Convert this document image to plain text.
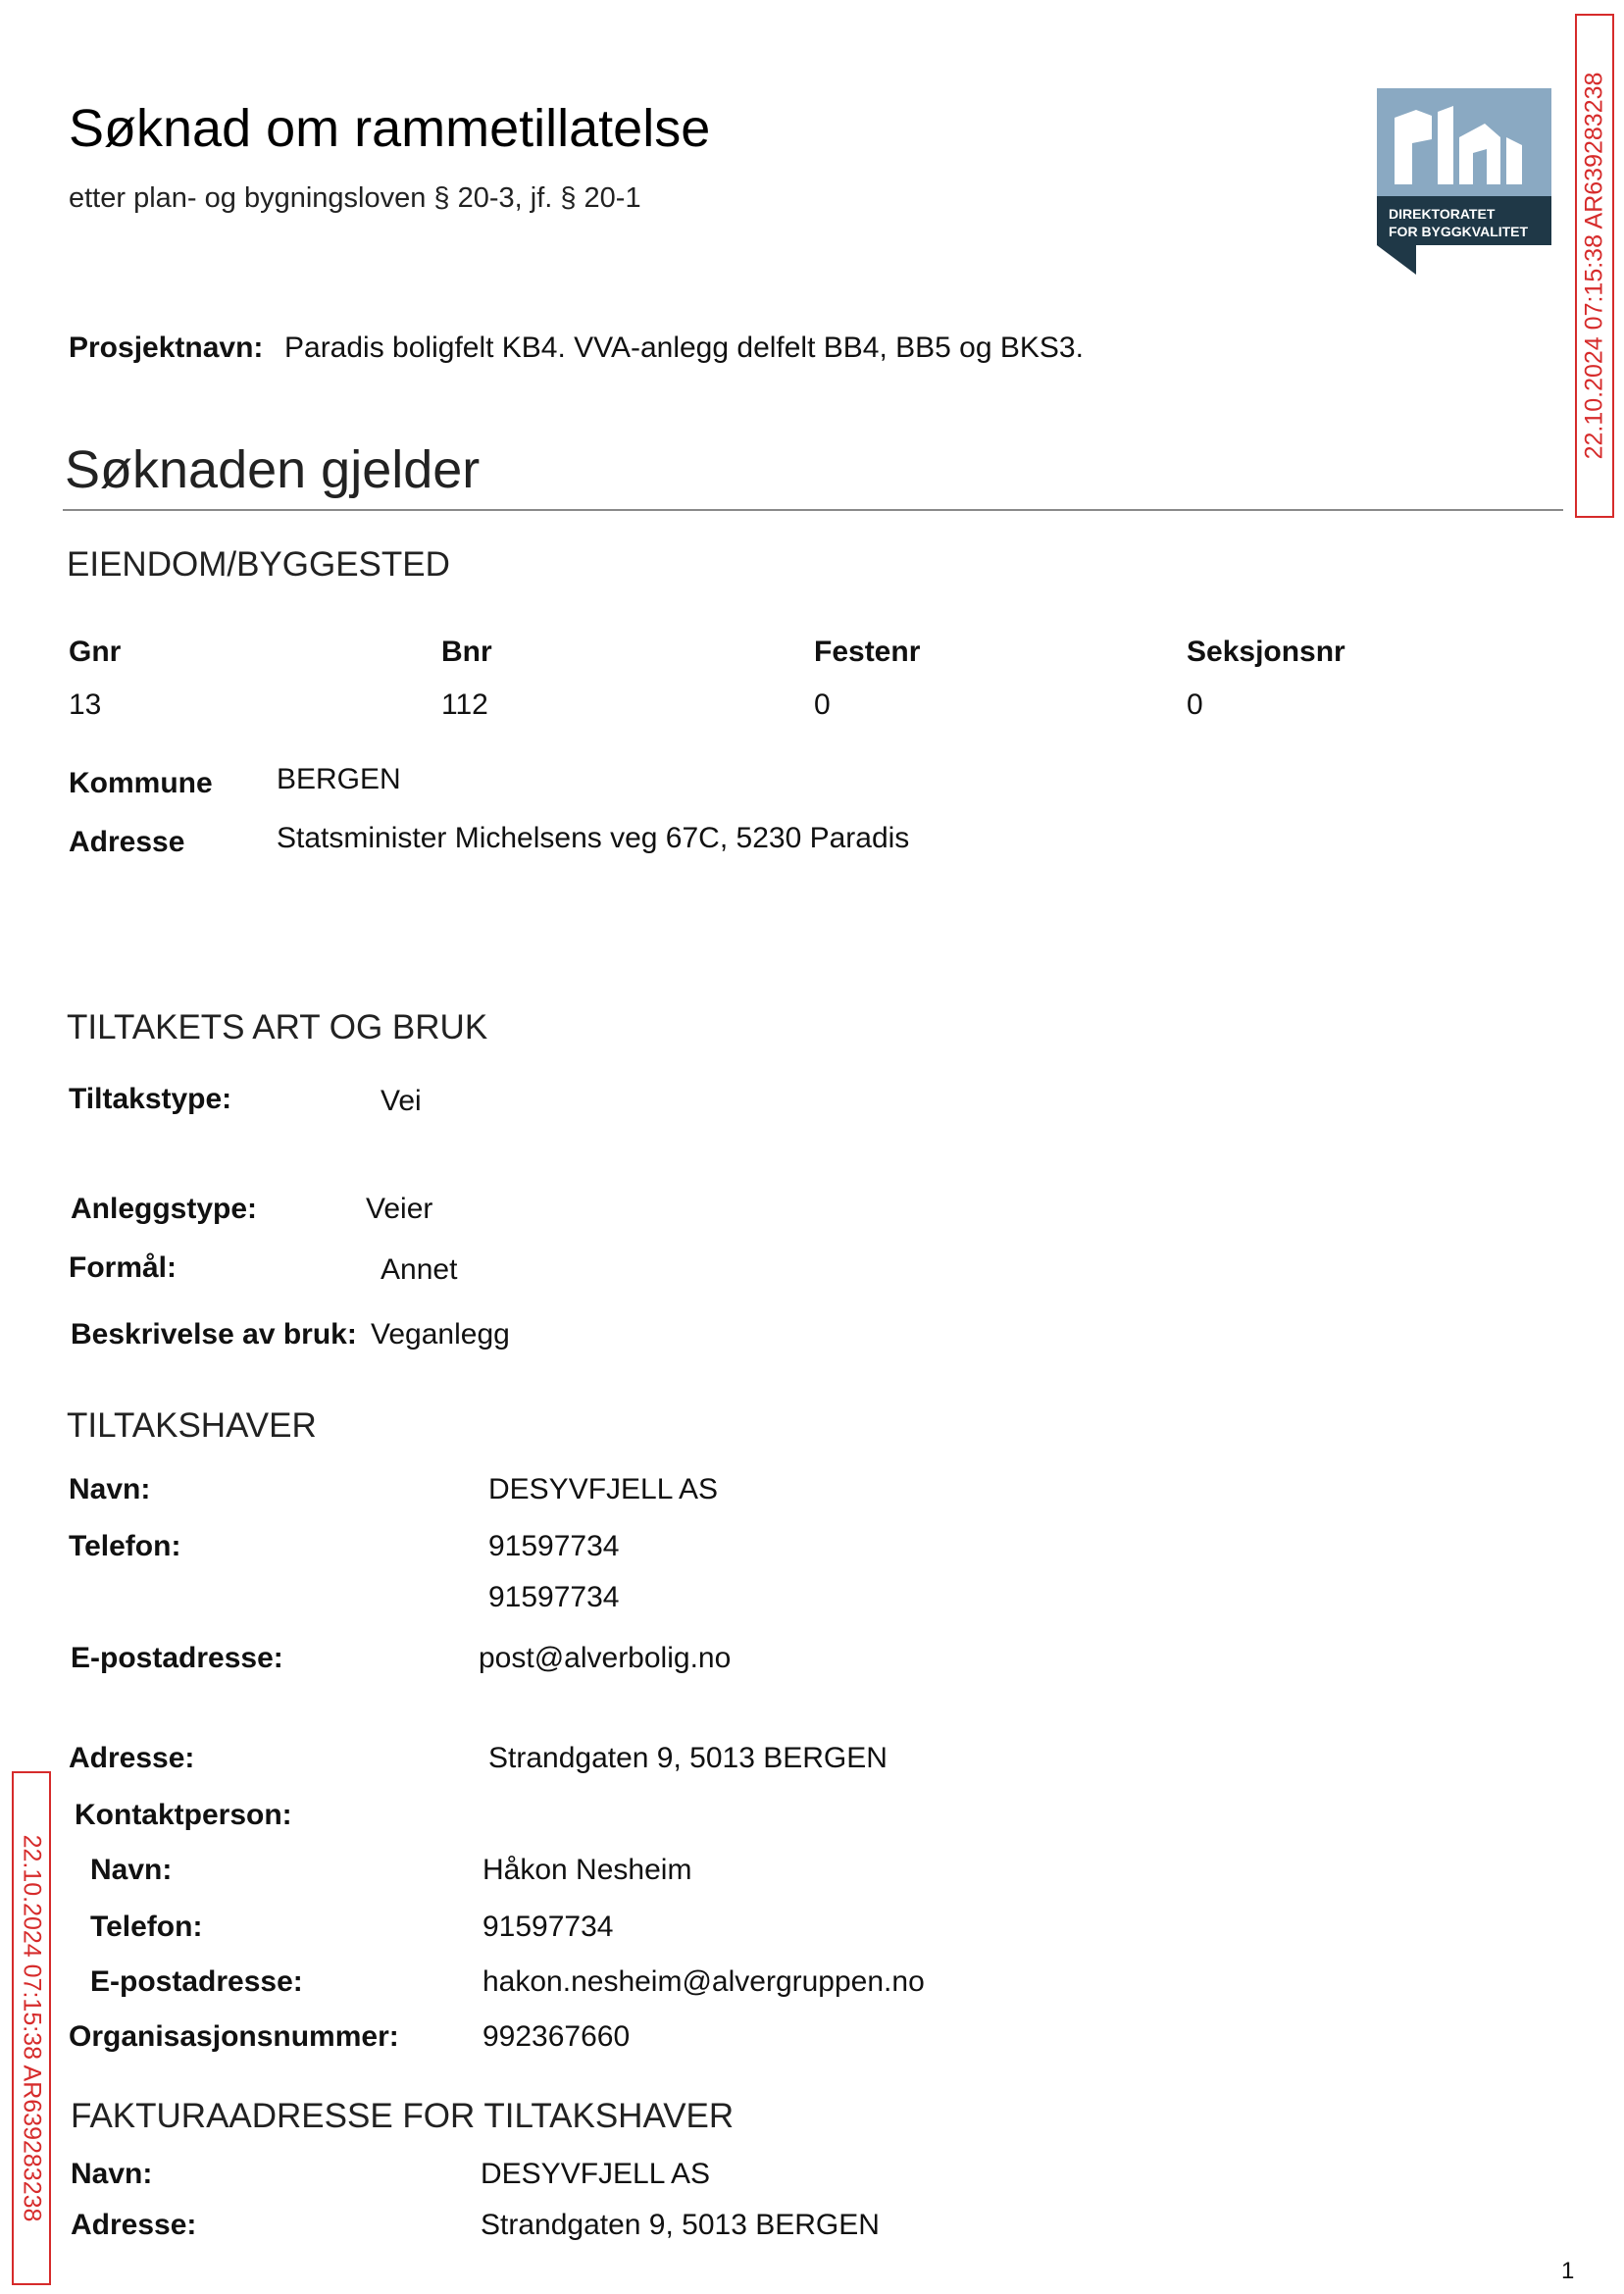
Søknad om rammetillatelse
etter plan- og bygningsloven § 20-3, jf. § 20-1	DIREKTORATET
FOR BYGGKVALITET 22.10.2024 07:15:38 AR639283238
22.10.2024 07:15:38 AR639283238
Prosjektnavn: Paradis boligfelt KB4. VVA-anlegg delfelt BB4, BB5 og BKS3.
Søknaden gjelder
EIENDOM/BYGGESTED
Gnr	Bnr	Festenr	Seksjonsnr
13	112	0	0
Kommune BERGEN
Adresse	Statsminister Michelsens veg 67C, 5230 Paradis
TILTAKETS ART OG BRUK
Tiltakstype:	Vei
Anleggstype:	Veier
Formål:	Annet
Beskrivelse av bruk: Veganlegg
TILTAKSHAVER
Navn:	DESYVFJELL AS
Telefon:	91597734
91597734
E-postadresse:	post@alverbolig.no
Adresse:	Strandgaten 9, 5013 BERGEN
Kontaktperson:
Navn:	Håkon Nesheim
Telefon:	91597734
E-postadresse:	hakon.nesheim@alvergruppen.no
Organisasjonsnummer:	992367660
FAKTURAADRESSE FOR TILTAKSHAVER
Navn:	DESYVFJELL AS
Adresse:	Strandgaten 9, 5013 BERGEN
1
